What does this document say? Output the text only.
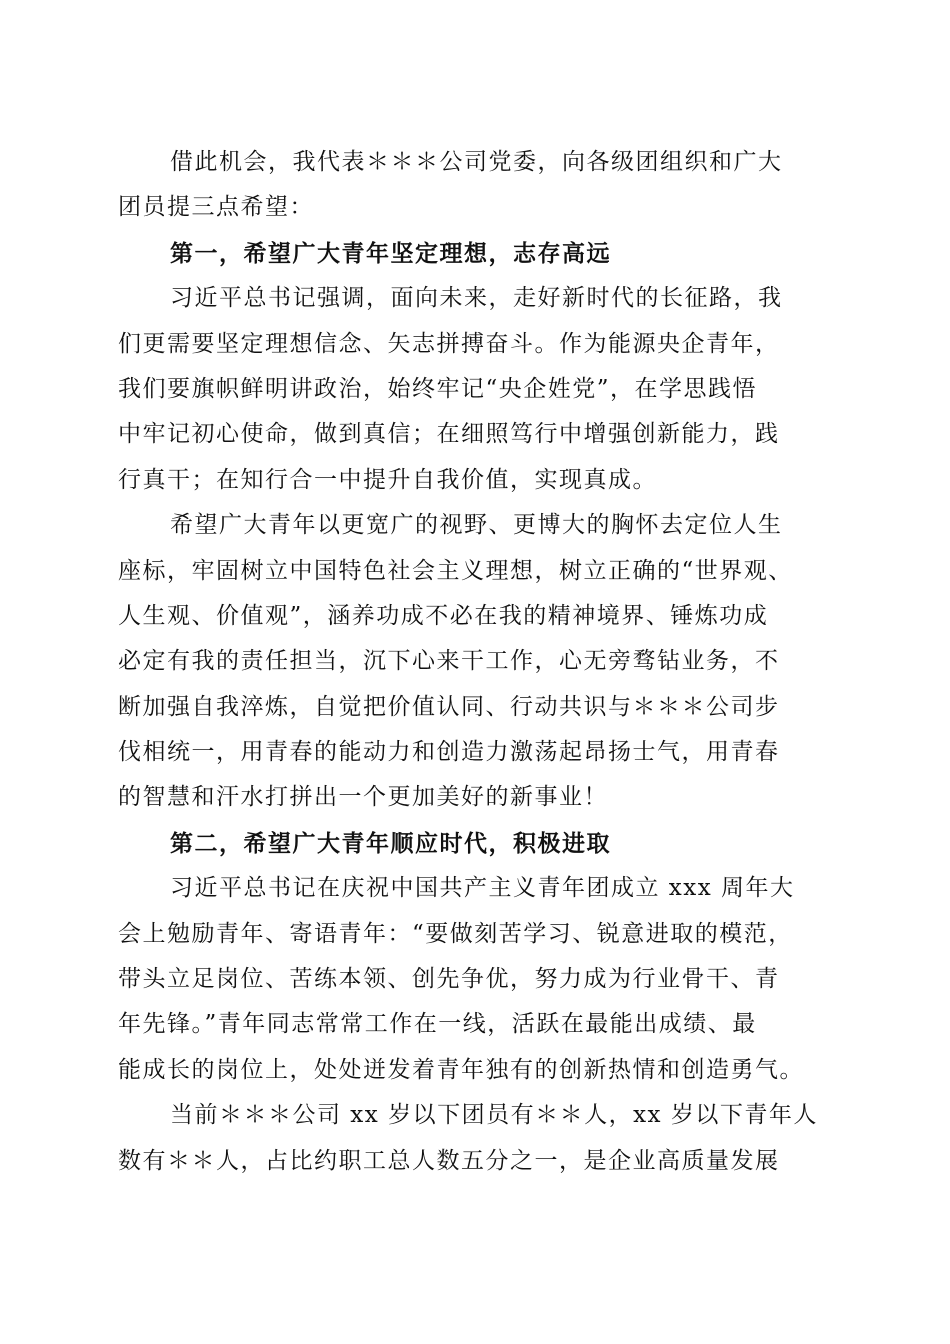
借此机会，我代表＊＊＊公司党委，向各级团组织和广大
团员提三点希望：
第一，希望广大青年坚定理想，志存高远
习近平总书记强调，面向未来，走好新时代的长征路，我
们更需要坚定理想信念、矢志拼搏奋斗。作为能源央企青年，
我们要旗帜鲜明讲政治，始终牢记“央企姓党”，在学思践悟
中牢记初心使命，做到真信；在细照笃行中增强创新能力，践
行真干；在知行合一中提升自我价值，实现真成。
希望广大青年以更宽广的视野、更博大的胸怀去定位人生
座标，牢固树立中国特色社会主义理想，树立正确的“世界观、
人生观、价值观”，涵养功成不必在我的精神境界、锤炼功成
必定有我的责任担当，沉下心来干工作，心无旁骛钻业务，不
断加强自我淬炼，自觉把价值认同、行动共识与＊＊＊公司步
伐相统一，用青春的能动力和创造力激荡起昂扬士气，用青春
的智慧和汗水打拼出一个更加美好的新事业！
第二，希望广大青年顺应时代，积极进取
习近平总书记在庆祝中国共产主义青年团成立 xxx 周年大
会上勉励青年、寄语青年：“要做刻苦学习、锐意进取的模范，
带头立足岗位、苦练本领、创先争优，努力成为行业骨干、青
年先锋。”青年同志常常工作在一线，活跃在最能出成绩、最
能成长的岗位上，处处迸发着青年独有的创新热情和创造勇气。
当前＊＊＊公司 xx 岁以下团员有＊＊人，xx 岁以下青年人
数有＊＊人，占比约职工总人数五分之一，是企业高质量发展
